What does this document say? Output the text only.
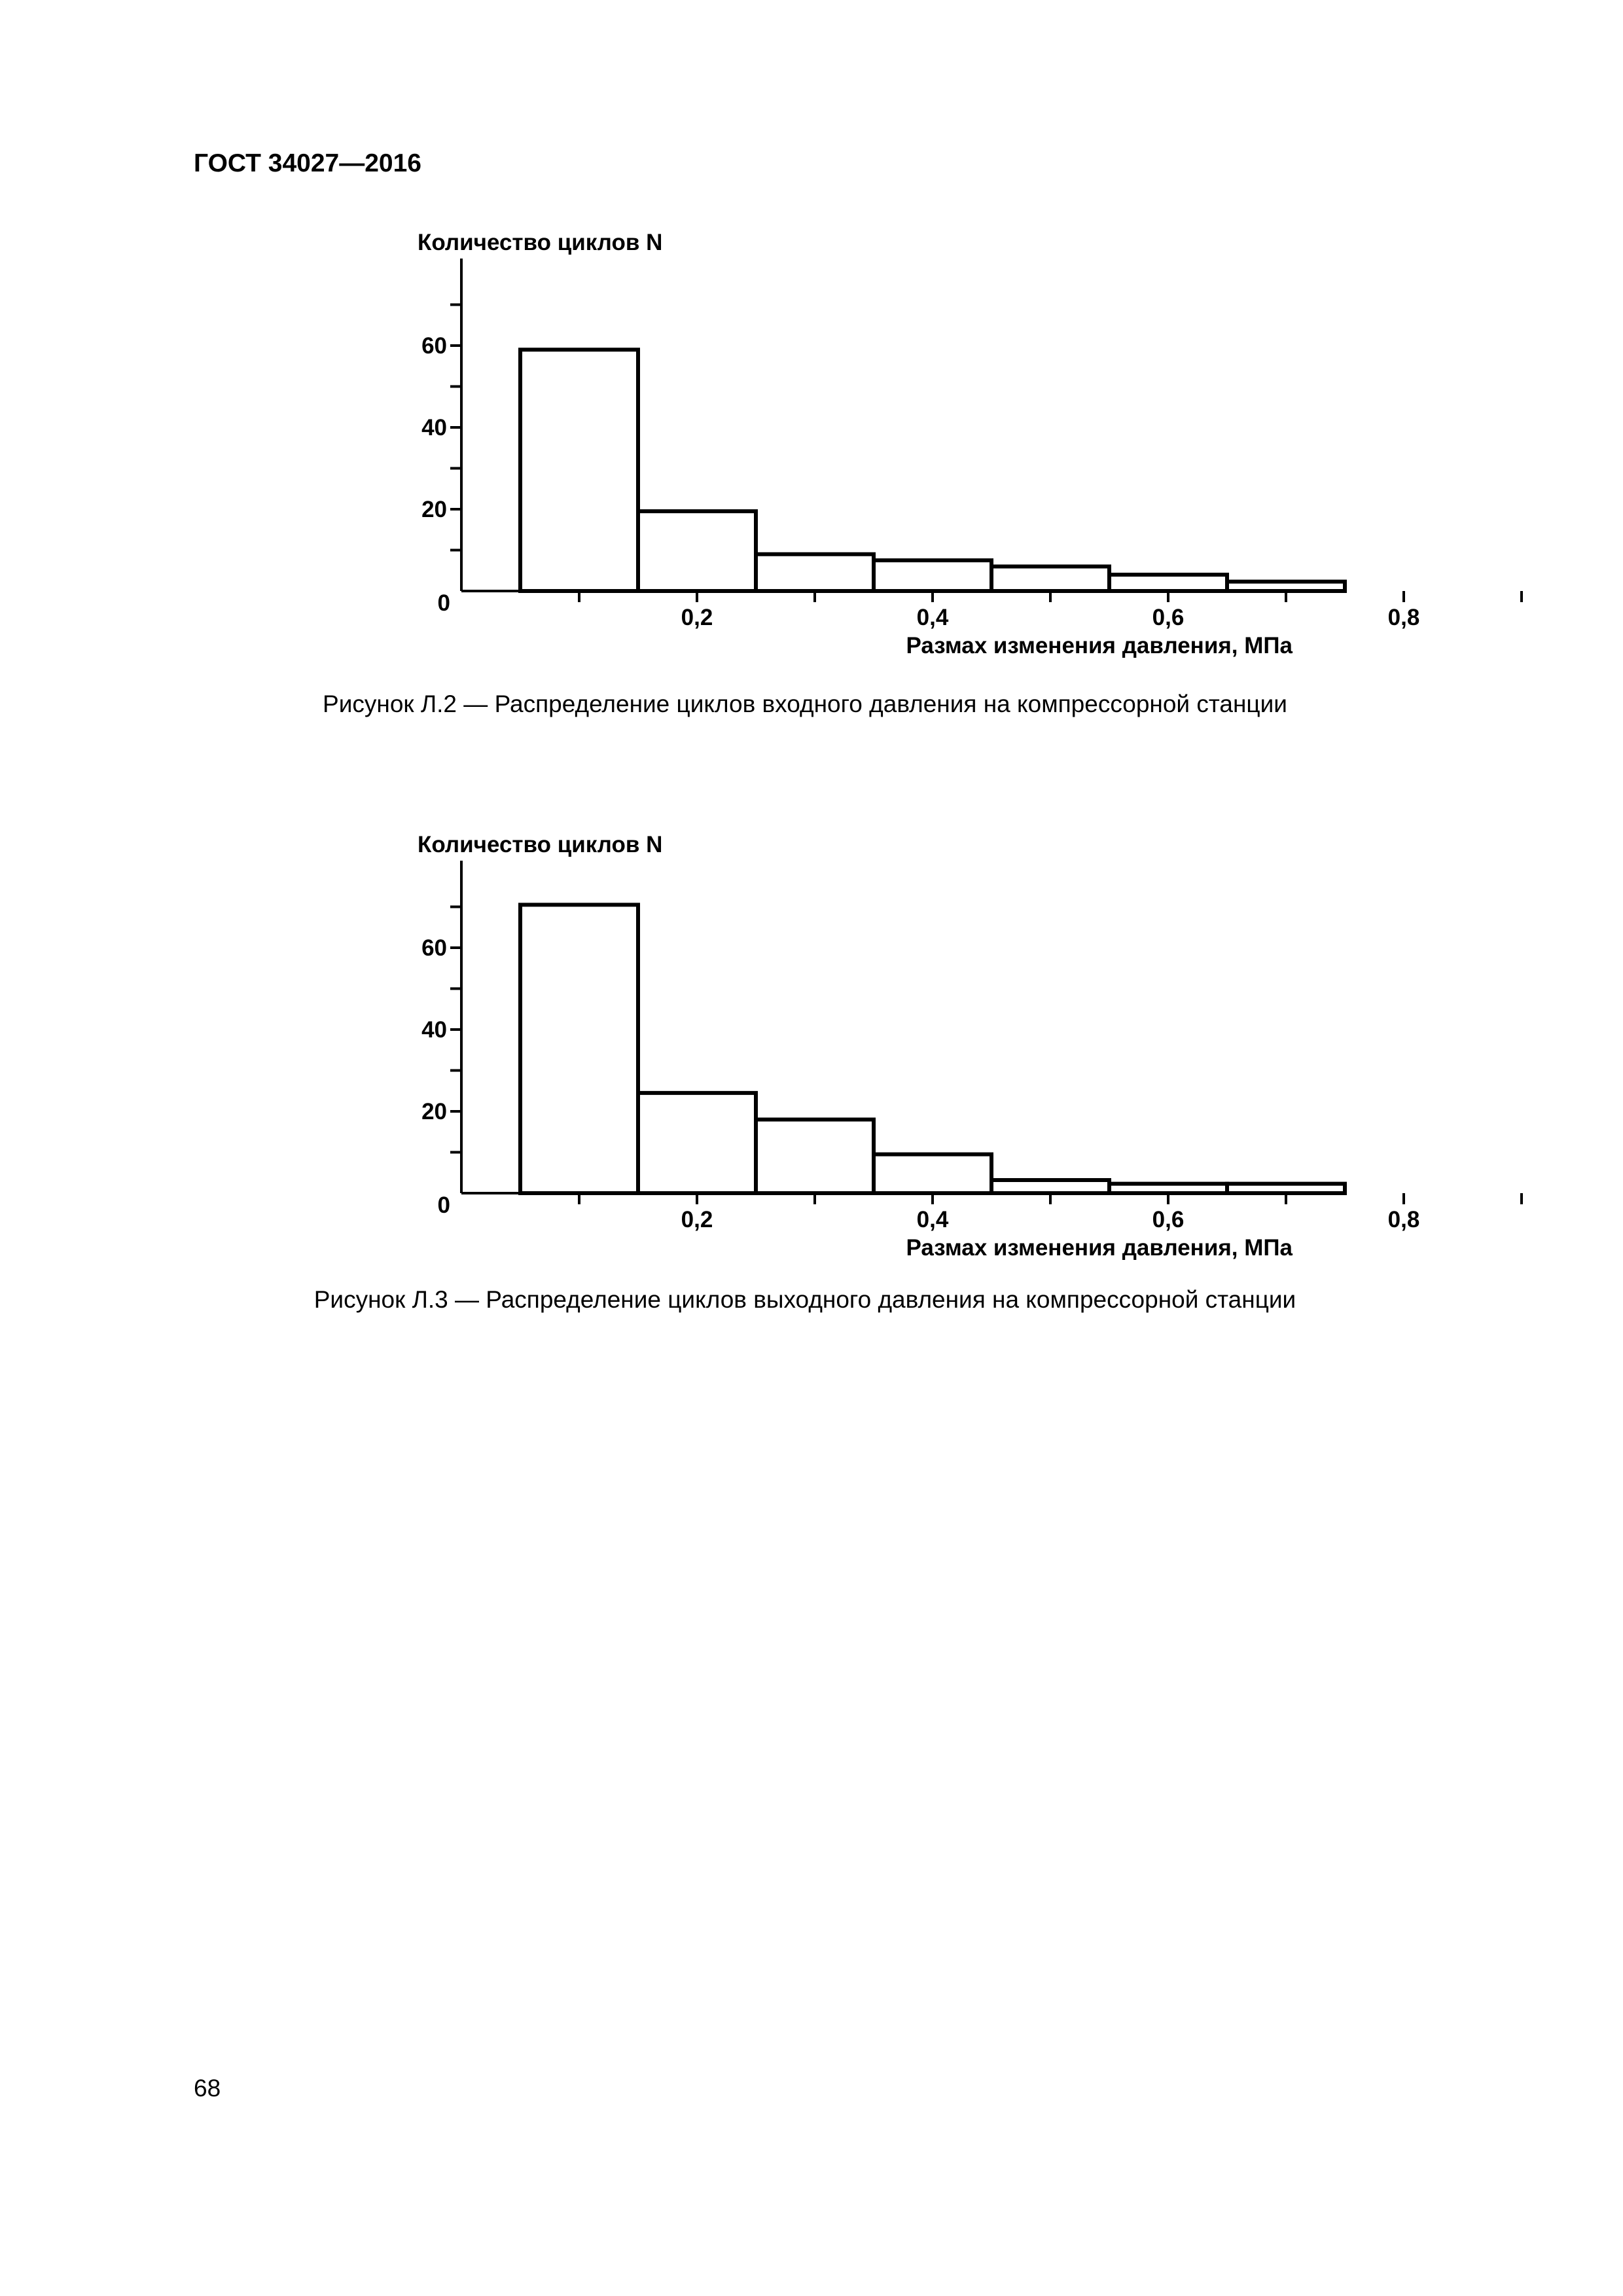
ГОСТ 34027—2016
Количество циклов N
0
20
40
60
0,2	0,4	0,6	0,8
Размах изменения давления, МПа
Рисунок Л.2 — Распределение циклов входного давления на компрессорной станции
Количество циклов N
0
20
40
60
0,2	0,4	0,6	0,8
Размах изменения давления, МПа
Рисунок Л.3 — Распределение циклов выходного давления на компрессорной станции
68
